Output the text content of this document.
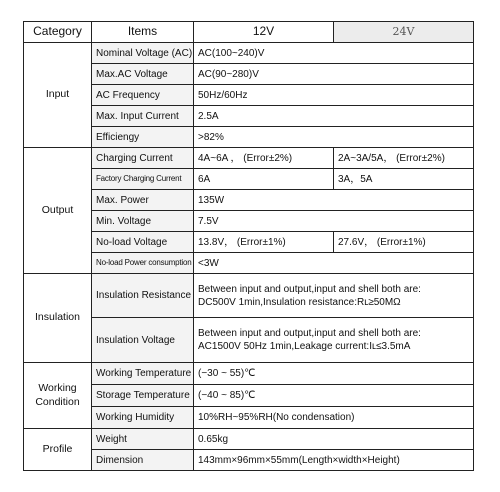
Category	Items	12V	24V
Input	Nominal Voltage (AC)	AC(100~240)V	
	Max.AC Voltage	AC(90~280)V	
	AC Frequency	50Hz/60Hz	
	Max. Input Current	2.5A	
	Efficiengy	>82%	
Output	Charging Current	4A~6A ， (Error±2%)	2A~3A/5A， (Error±2%)
	Factory Charging Current	6A	3A，5A
	Max. Power	135W	
	Min. Voltage	7.5V	
	No-load Voltage	13.8V， (Error±1%)	27.6V， (Error±1%)
	No-load Power consumption	<3W	
Insulation	Insulation Resistance	Between input and output,input and shell both are:
DC500V 1min,Insulation resistance:Rʟ≥50MΩ	

	Insulation Voltage	Between input and output,input and shell both are:
AC1500V 50Hz 1min,Leakage current:Iʟ≤3.5mA	

Working Condition	Working Temperature	(−30 ~ 55)℃	
	Storage Temperature	(−40 ~ 85)℃	
	Working Humidity	10%RH~95%RH(No condensation)	
Profile	Weight	0.65kg	
	Dimension	143mm×96mm×55mm(Length×width×Height)	
